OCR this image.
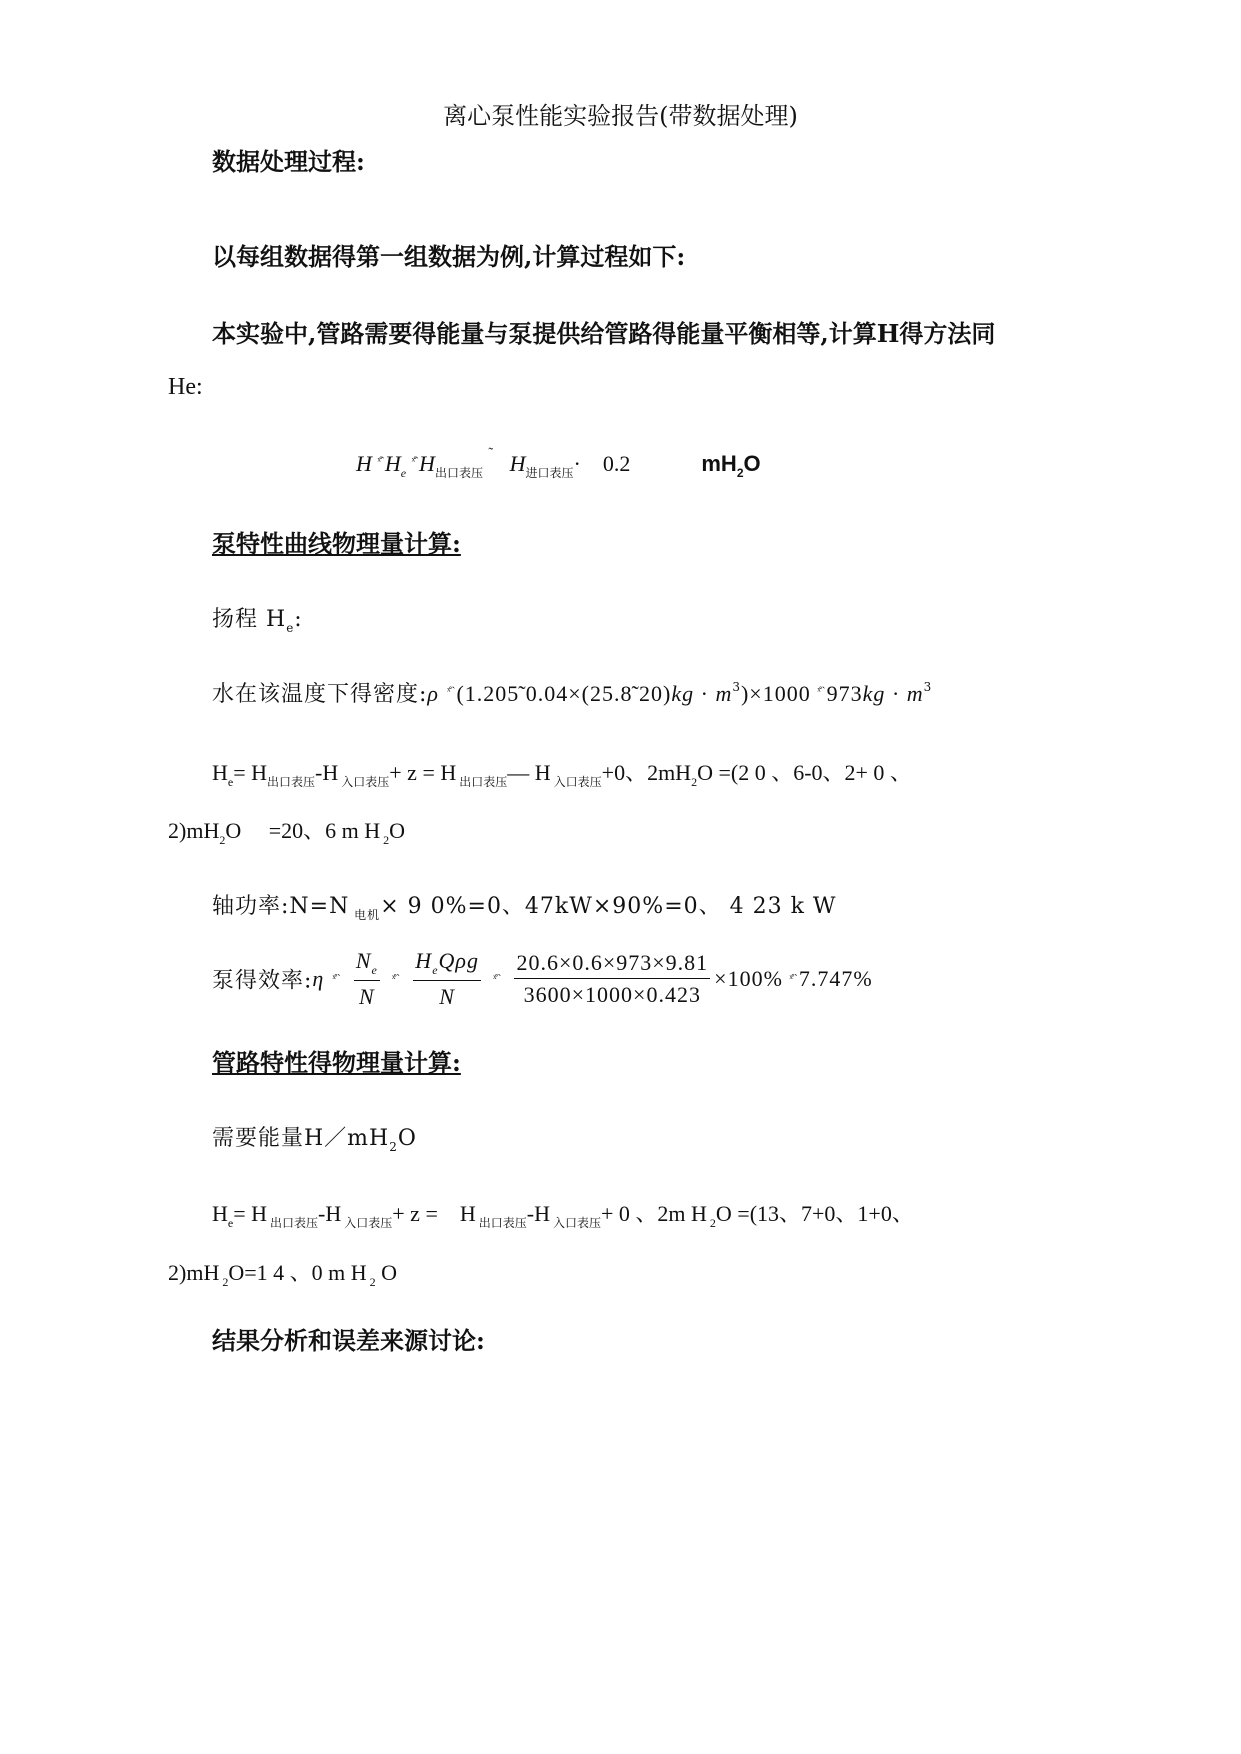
离心泵性能实验报告(带数据处理)
数据处理过程:
以每组数据得第一组数据为例,计算过程如下:
本实验中,管路需要得能量与泵提供给管路得能量平衡相等,计算H得方法同
He:
H $^{ˣ̊ˋ}H_e$ $^{ˣ̊ˋ}H_{出口表压}$ ˜ $H_{进口表压}\cdot 0.2$	$mH_2O$
泵特性曲线物理量计算:
扬程 $H_e$:
水在该温度下得密度:ρ $^{ˣ̊ˋ}$(1.205̃ 0.04×(25.8̃ $20)kg \cdot m^3)\times 1000$ $^{ˣ̊ˋ}973kg \cdot m^3$
$H_e= H_{出口表压}-H$ $_{入口表压}$+ z = H $_{出口表压}$— H $_{入口表压}$+0、$2mH_2O =(2$ 0 、6-0、2+ 0 、
$2)mH_2O$     =20、6 m H $_2$O
轴功率:N=N $_{电机}$× 9 0%=0、47kW×90%=0、 4 23 k W
泵得效率:η ˣ̊ˋ $\frac{N_e}{N}$ ˣ̊ˋ $\frac{H_eQ\rho g}{N}$ ˣ̊ˋ $\frac{20.6\times 0.6\times 973\times 9.81}{3600\times 1000\times 0.423} \times 100\%$ ˣ̊ˋ7.747%
管路特性得物理量计算:
需要能量$H/mH_2O$
$H_e= H$ $_{出口表压}$-H $_{入口表压}$+ z =    H $_{出口表压}$-H $_{入口表压}$+ 0 、2m H $_2$O =(13、7+0、1+0、
2)mH $_2$O=1 4 、0 m H $_2$ O
结果分析和误差来源讨论:
